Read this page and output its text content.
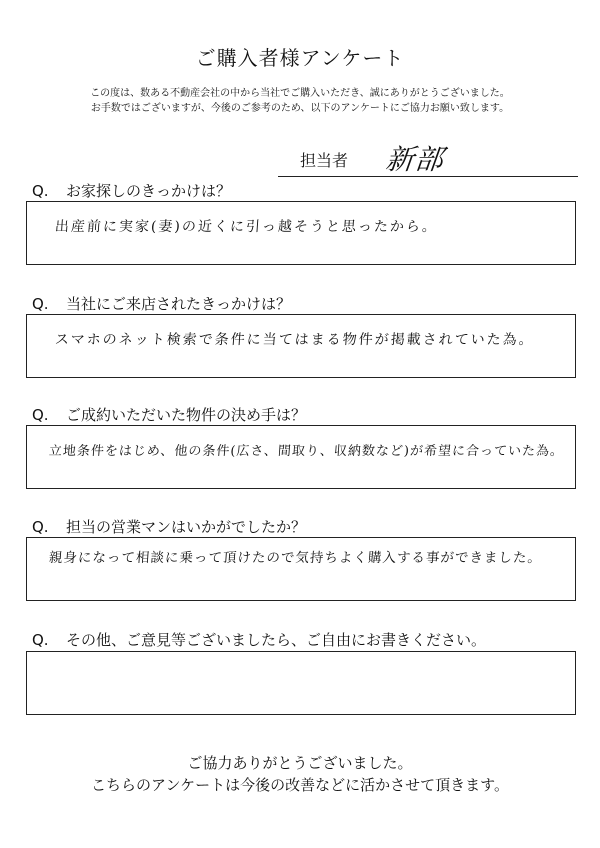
ご購入者様アンケート
この度は、数ある不動産会社の中から当社でご購入いただき、誠にありがとうございました。
お手数ではございますが、今後のご参考のため、以下のアンケートにご協力お願い致します。
担当者 新部
Q. お家探しのきっかけは？
出産前に実家(妻)の近くに引っ越そうと思ったから。
Q. 当社にご来店されたきっかけは？
スマホのネット検索で条件に当てはまる物件が掲載されていた為。
Q. ご成約いただいた物件の決め手は？
立地条件をはじめ、他の条件(広さ、間取り、収納数など)が希望に合っていた為。
Q. 担当の営業マンはいかがでしたか？
親身になって相談に乗って頂けたので気持ちよく購入する事ができました。
Q. その他、ご意見等ございましたら、ご自由にお書きください。
ご協力ありがとうございました。
こちらのアンケートは今後の改善などに活かさせて頂きます。
